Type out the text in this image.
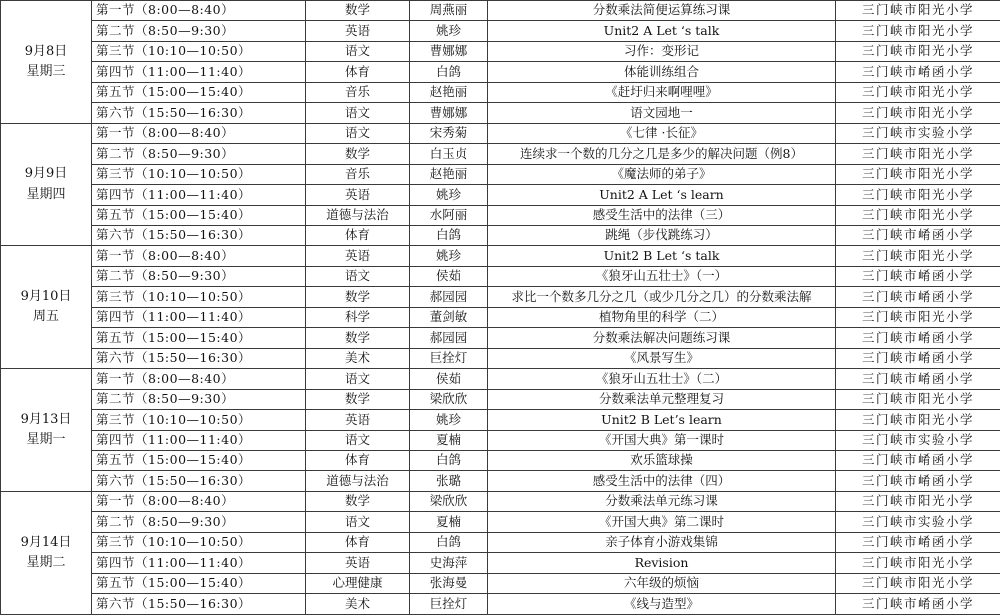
9月8日
星期三	第一节（8:00—8:40）	数学	周燕丽	分数乘法简便运算练习课	三门峡市阳光小学
	第二节（8:50—9:30）	英语	姚珍	Unit2 A Let ‘s talk	三门峡市阳光小学
	第三节（10:10—10:50）	语文	曹娜娜	习作：变形记	三门峡市阳光小学
	第四节（11:00—11:40）	体育	白鸽	体能训练组合	三门峡市崤函小学
	第五节（15:00—15:40）	音乐	赵艳丽	《赶圩归来啊哩哩》	三门峡市阳光小学
	第六节（15:50—16:30）	语文	曹娜娜	语文园地一	三门峡市阳光小学

9月9日
星期四	第一节（8:00—8:40）	语文	宋秀菊	《七律 ·长征》	三门峡市实验小学
	第二节（8:50—9:30）	数学	白玉贞	连续求一个数的几分之几是多少的解决问题（例8）	三门峡市阳光小学
	第三节（10:10—10:50）	音乐	赵艳丽	《魔法师的弟子》	三门峡市阳光小学
	第四节（11:00—11:40）	英语	姚珍	Unit2 A Let ‘s learn	三门峡市阳光小学
	第五节（15:00—15:40）	道德与法治	水阿丽	感受生活中的法律（三）	三门峡市阳光小学
	第六节（15:50—16:30）	体育	白鸽	跳绳（步伐跳练习）	三门峡市崤函小学

9月10日
周五	第一节（8:00—8:40）	英语	姚珍	Unit2 B Let ‘s talk	三门峡市阳光小学
	第二节（8:50—9:30）	语文	侯茹	《狼牙山五壮士》（一）	三门峡市崤函小学
	第三节（10:10—10:50）	数学	郝园园	求比一个数多几分之几（或少几分之几）的分数乘法解	三门峡市崤函小学
	第四节（11:00—11:40）	科学	董剑敏	植物角里的科学（二）	三门峡市阳光小学
	第五节（15:00—15:40）	数学	郝园园	分数乘法解决问题练习课	三门峡市崤函小学
	第六节（15:50—16:30）	美术	巨拴灯	《风景写生》	三门峡市崤函小学

9月13日
星期一	第一节（8:00—8:40）	语文	侯茹	《狼牙山五壮士》（二）	三门峡市崤函小学
	第二节（8:50—9:30）	数学	梁欣欣	分数乘法单元整理复习	三门峡市阳光小学
	第三节（10:10—10:50）	英语	姚珍	Unit2 B Let’s learn	三门峡市阳光小学
	第四节（11:00—11:40）	语文	夏楠	《开国大典》第一课时	三门峡市实验小学
	第五节（15:00—15:40）	体育	白鸽	欢乐篮球操	三门峡市崤函小学
	第六节（15:50—16:30）	道德与法治	张璐	感受生活中的法律（四）	三门峡市崤函小学

9月14日
星期二	第一节（8:00—8:40）	数学	梁欣欣	分数乘法单元练习课	三门峡市阳光小学
	第二节（8:50—9:30）	语文	夏楠	《开国大典》第二课时	三门峡市实验小学
	第三节（10:10—10:50）	体育	白鸽	亲子体育小游戏集锦	三门峡市崤函小学
	第四节（11:00—11:40）	英语	史海萍	Revision	三门峡市阳光小学
	第五节（15:00—15:40）	心理健康	张海曼	六年级的烦恼	三门峡市阳光小学
	第六节（15:50—16:30）	美术	巨拴灯	《线与造型》	三门峡市崤函小学
